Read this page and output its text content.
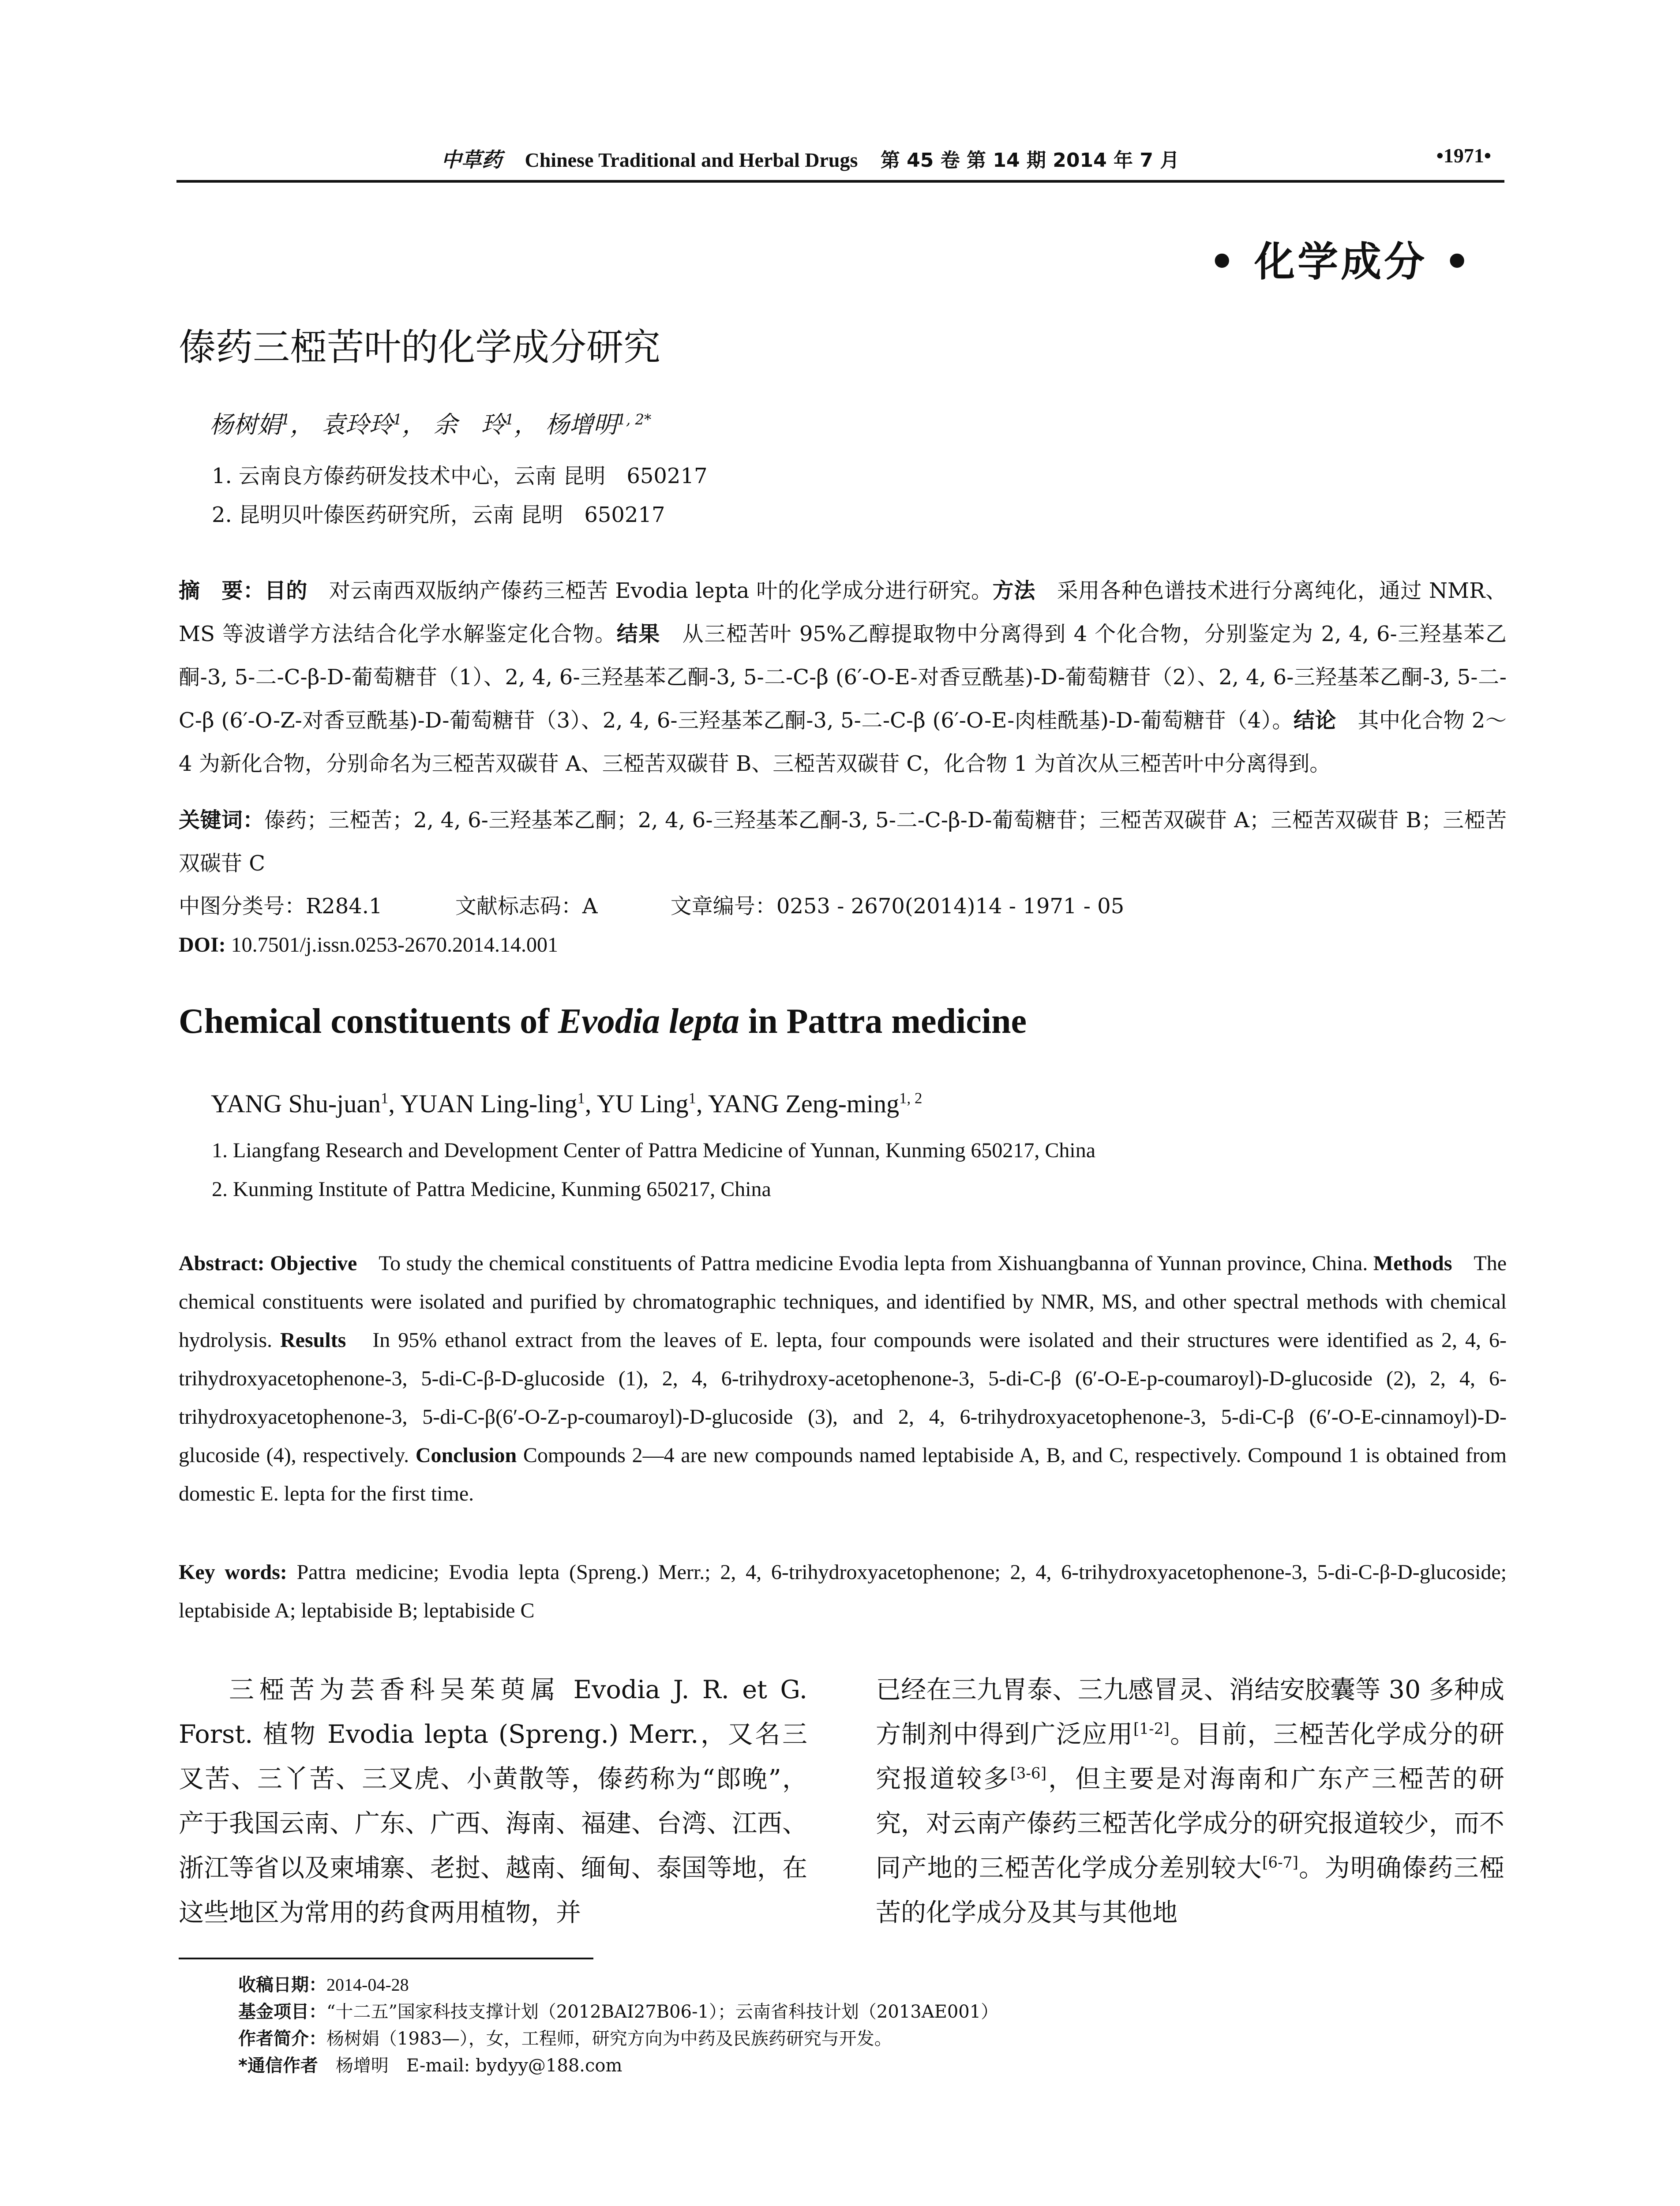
中草药 Chinese Traditional and Herbal Drugs 第 45 卷 第 14 期 2014 年 7 月	•1971•
• 化学成分 •
傣药三椏苦叶的化学成分研究
杨树娟$^1$， 袁玲玲$^1$， 余　玲$^1$， 杨增明$^{1, 2*}$
1. 云南良方傣药研发技术中心，云南 昆明　650217
2. 昆明贝叶傣医药研究所，云南 昆明　650217
摘　要：目的　 对云南西双版纳产傣药三椏苦 Evodia lepta 叶的化学成分进行研究。方法　 采用各种色谱技术进行分离纯化，通过 NMR、MS 等波谱学方法结合化学水解鉴定化合物。结果　 从三椏苦叶 95%乙醇提取物中分离得到 4 个化合物，分别鉴定为 2, 4, 6-三羟基苯乙酮-3, 5-二-C-β-D-葡萄糖苷（1）、2, 4, 6-三羟基苯乙酮-3, 5-二-C-β (6′-O-E-对香豆酰基)-D-葡萄糖苷（2）、2, 4, 6-三羟基苯乙酮-3, 5-二-C-β (6′-O-Z-对香豆酰基)-D-葡萄糖苷（3）、2, 4, 6-三羟基苯乙酮-3, 5-二-C-β (6′-O-E-肉桂酰基)-D-葡萄糖苷（4）。结论　 其中化合物 2～4 为新化合物，分别命名为三椏苦双碳苷 A、三椏苦双碳苷 B、三椏苦双碳苷 C，化合物 1 为首次从三椏苦叶中分离得到。
关键词：傣药；三椏苦；2, 4, 6-三羟基苯乙酮；2, 4, 6-三羟基苯乙酮-3, 5-二-C-β-D-葡萄糖苷；三椏苦双碳苷 A；三椏苦双碳苷 B；三椏苦双碳苷 C
中图分类号：R284.1	文献标志码：A	文章编号：0253 - 2670(2014)14 - 1971 - 05
DOI: 10.7501/j.issn.0253-2670.2014.14.001
Chemical constituents of Evodia lepta in Pattra medicine
YANG Shu-juan$^1$, YUAN Ling-ling$^1$, YU Ling$^1$, YANG Zeng-ming$^{1, 2}$
1. Liangfang Research and Development Center of Pattra Medicine of Yunnan, Kunming 650217, China
2. Kunming Institute of Pattra Medicine, Kunming 650217, China
Abstract: Objective　 To study the chemical constituents of Pattra medicine Evodia lepta from Xishuangbanna of Yunnan province, China. Methods　 The chemical constituents were isolated and purified by chromatographic techniques, and identified by NMR, MS, and other spectral methods with chemical hydrolysis. Results　 In 95% ethanol extract from the leaves of E. lepta, four compounds were isolated and their structures were identified as 2, 4, 6-trihydroxyacetophenone-3, 5-di-C-β-D-glucoside (1), 2, 4, 6-trihydroxy-acetophenone-3, 5-di-C-β (6′-O-E-p-coumaroyl)-D-glucoside (2), 2, 4, 6-trihydroxyacetophenone-3, 5-di-C-β(6′-O-Z-p-coumaroyl)-D-glucoside (3), and 2, 4, 6-trihydroxyacetophenone-3, 5-di-C-β (6′-O-E-cinnamoyl)-D-glucoside (4), respectively. Conclusion Compounds 2—4 are new compounds named leptabiside A, B, and C, respectively. Compound 1 is obtained from domestic E. lepta for the first time.
Key words: Pattra medicine; Evodia lepta (Spreng.) Merr.; 2, 4, 6-trihydroxyacetophenone; 2, 4, 6-trihydroxyacetophenone-3, 5-di-C-β-D-glucoside; leptabiside A; leptabiside B; leptabiside C
三椏苦为芸香科吴茱萸属 Evodia J. R. et G. Forst. 植物 Evodia lepta (Spreng.) Merr.，又名三叉苦、三丫苦、三叉虎、小黄散等，傣药称为“郎晚”，产于我国云南、广东、广西、海南、福建、台湾、江西、浙江等省以及柬埔寨、老挝、越南、缅甸、泰国等地，在这些地区为常用的药食两用植物，并
已经在三九胃泰、三九感冒灵、消结安胶囊等 30 多种成方制剂中得到广泛应用[1-2]。目前，三椏苦化学成分的研究报道较多[3-6]，但主要是对海南和广东产三椏苦的研究，对云南产傣药三椏苦化学成分的研究报道较少，而不同产地的三椏苦化学成分差别较大[6-7]。为明确傣药三椏苦的化学成分及其与其他地
收稿日期：2014-04-28
基金项目：“十二五”国家科技支撑计划（2012BAI27B06-1）；云南省科技计划（2013AE001）
作者简介：杨树娟（1983—），女，工程师，研究方向为中药及民族药研究与开发。
*通信作者　 杨增明　E-mail: bydyy@188.com
